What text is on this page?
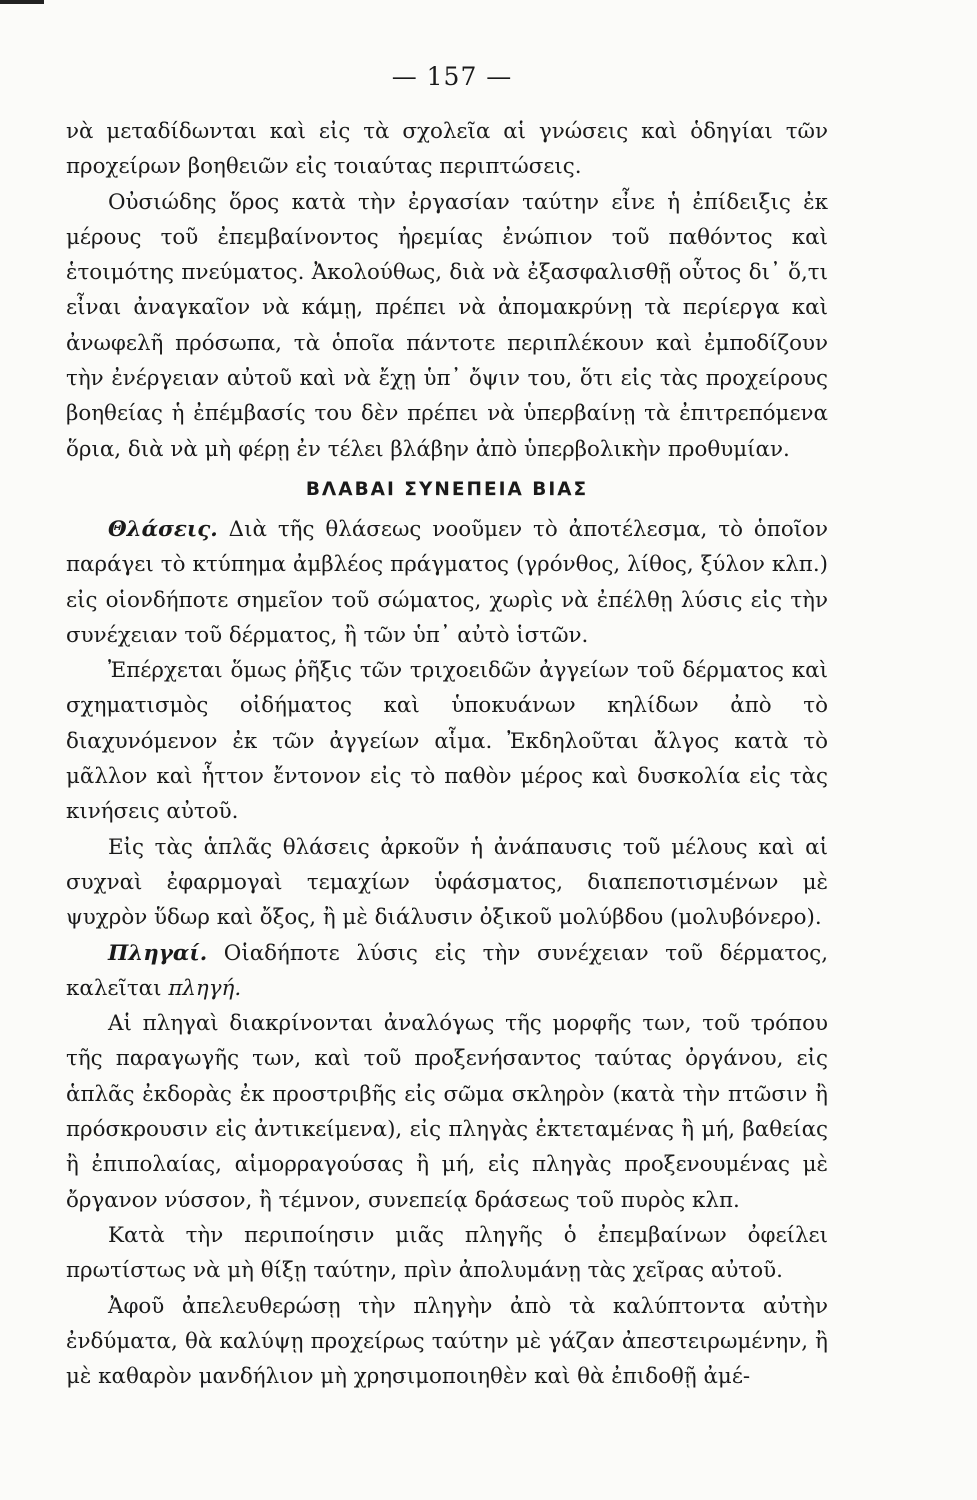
— 157 —

νὰ μεταδίδωνται καὶ εἰς τὰ σχολεῖα αἱ γνώσεις καὶ ὁδηγίαι τῶν προχείρων βοηθειῶν εἰς τοιαύτας περιπτώσεις.

Οὐσιώδης ὅρος κατὰ τὴν ἐργασίαν ταύτην εἶνε ἡ ἐπίδειξις ἐκ μέρους τοῦ ἐπεμβαίνοντος ἠρεμίας ἐνώπιον τοῦ παθόντος καὶ ἑτοιμότης πνεύματος. Ἀκολούθως, διὰ νὰ ἐξασφαλισθῇ οὗτος δι᾿ ὅ,τι εἶναι ἀναγκαῖον νὰ κάμῃ, πρέπει νὰ ἀπομακρύνῃ τὰ περίεργα καὶ ἀνωφελῆ πρόσωπα, τὰ ὁποῖα πάντοτε περιπλέκουν καὶ ἐμποδίζουν τὴν ἐνέργειαν αὐτοῦ καὶ νὰ ἔχῃ ὑπ᾿ ὄψιν του, ὅτι εἰς τὰς προχείρους βοηθείας ἡ ἐπέμβασίς του δὲν πρέπει νὰ ὑπερβαίνῃ τὰ ἐπιτρεπόμενα ὅρια, διὰ νὰ μὴ φέρῃ ἐν τέλει βλάβην ἀπὸ ὑπερβολικὴν προθυμίαν.

ΒΛΑΒΑΙ ΣΥΝΕΠΕΙΑ ΒΙΑΣ

Θλάσεις. Διὰ τῆς θλάσεως νοοῦμεν τὸ ἀποτέλεσμα, τὸ ὁποῖον παράγει τὸ κτύπημα ἀμβλέος πράγματος (γρόνθος, λίθος, ξύλον κλπ.) εἰς οἱονδήποτε σημεῖον τοῦ σώματος, χωρὶς νὰ ἐπέλθῃ λύσις εἰς τὴν συνέχειαν τοῦ δέρματος, ἢ τῶν ὑπ᾿ αὐτὸ ἱστῶν.

Ἐπέρχεται ὅμως ῥῆξις τῶν τριχοειδῶν ἀγγείων τοῦ δέρματος καὶ σχηματισμὸς οἰδήματος καὶ ὑποκυάνων κηλίδων ἀπὸ τὸ διαχυνόμενον ἐκ τῶν ἀγγείων αἷμα. Ἐκδηλοῦται ἄλγος κατὰ τὸ μᾶλλον καὶ ἧττον ἔντονον εἰς τὸ παθὸν μέρος καὶ δυσκολία εἰς τὰς κινήσεις αὐτοῦ.

Εἰς τὰς ἁπλᾶς θλάσεις ἀρκοῦν ἡ ἀνάπαυσις τοῦ μέλους καὶ αἱ συχναὶ ἐφαρμογαὶ τεμαχίων ὑφάσματος, διαπεποτισμένων μὲ ψυχρὸν ὕδωρ καὶ ὄξος, ἢ μὲ διάλυσιν ὀξικοῦ μολύβδου (μολυβόνερο).

Πληγαί. Οἱαδήποτε λύσις εἰς τὴν συνέχειαν τοῦ δέρματος, καλεῖται πληγή.

Αἱ πληγαὶ διακρίνονται ἀναλόγως τῆς μορφῆς των, τοῦ τρόπου τῆς παραγωγῆς των, καὶ τοῦ προξενήσαντος ταύτας ὀργάνου, εἰς ἁπλᾶς ἐκδορὰς ἐκ προστριβῆς εἰς σῶμα σκληρὸν (κατὰ τὴν πτῶσιν ἢ πρόσκρουσιν εἰς ἀντικείμενα), εἰς πληγὰς ἐκτεταμένας ἢ μή, βαθείας ἢ ἐπιπολαίας, αἱμορραγούσας ἢ μή, εἰς πληγὰς προξενουμένας μὲ ὄργανον νύσσον, ἢ τέμνον, συνεπείᾳ δράσεως τοῦ πυρὸς κλπ.

Κατὰ τὴν περιποίησιν μιᾶς πληγῆς ὁ ἐπεμβαίνων ὀφείλει πρωτίστως νὰ μὴ θίξῃ ταύτην, πρὶν ἀπολυμάνῃ τὰς χεῖρας αὐτοῦ.

Ἀφοῦ ἀπελευθερώσῃ τὴν πληγὴν ἀπὸ τὰ καλύπτοντα αὐτὴν ἐνδύματα, θὰ καλύψῃ προχείρως ταύτην μὲ γάζαν ἀπεστειρωμένην, ἢ μὲ καθαρὸν μανδήλιον μὴ χρησιμοποιηθὲν καὶ θὰ ἐπιδοθῇ ἀμέ-
